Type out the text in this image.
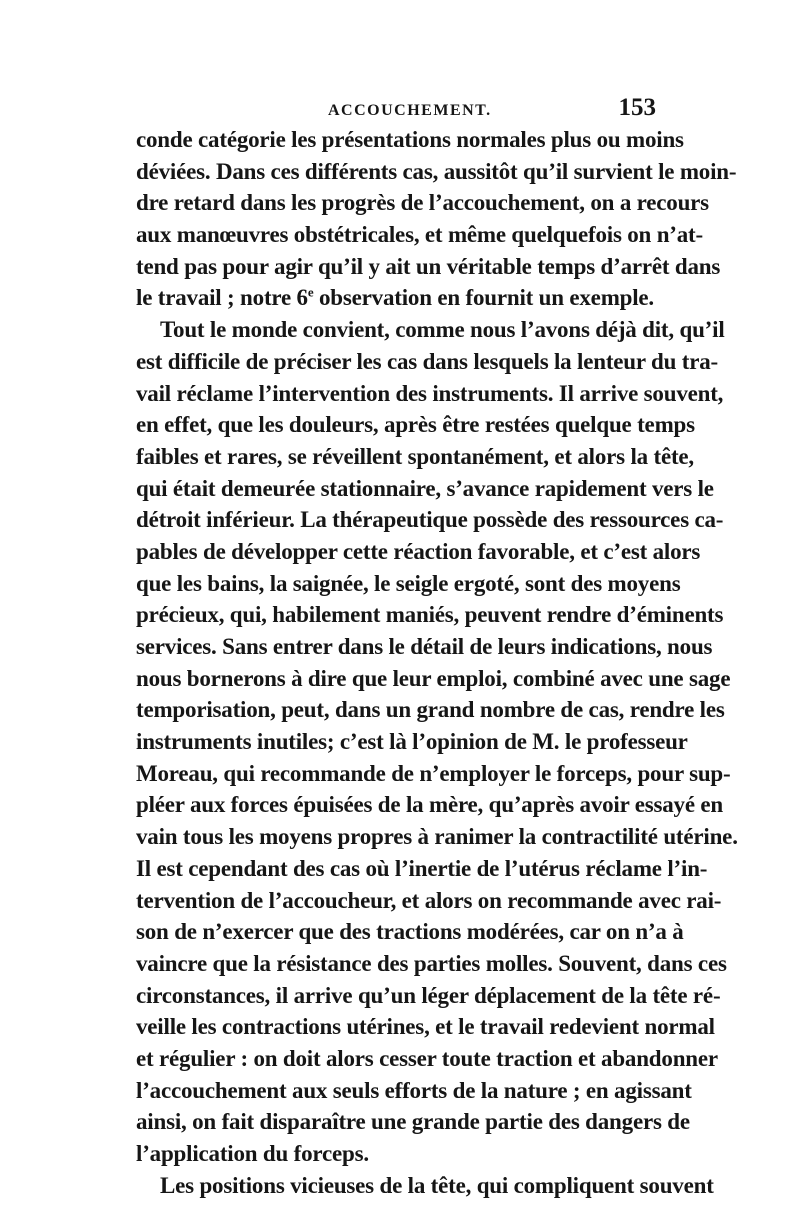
ACCOUCHEMENT.	153
conde catégorie les présentations normales plus ou moins
déviées. Dans ces différents cas, aussitôt qu’il survient le moin-
dre retard dans les progrès de l’accouchement, on a recours
aux manœuvres obstétricales, et même quelquefois on n’at-
tend pas pour agir qu’il y ait un véritable temps d’arrêt dans
le travail ; notre 6e observation en fournit un exemple.
Tout le monde convient, comme nous l’avons déjà dit, qu’il
est difficile de préciser les cas dans lesquels la lenteur du tra-
vail réclame l’intervention des instruments. Il arrive souvent,
en effet, que les douleurs, après être restées quelque temps
faibles et rares, se réveillent spontanément, et alors la tête,
qui était demeurée stationnaire, s’avance rapidement vers le
détroit inférieur. La thérapeutique possède des ressources ca-
pables de développer cette réaction favorable, et c’est alors
que les bains, la saignée, le seigle ergoté, sont des moyens
précieux, qui, habilement maniés, peuvent rendre d’éminents
services. Sans entrer dans le détail de leurs indications, nous
nous bornerons à dire que leur emploi, combiné avec une sage
temporisation, peut, dans un grand nombre de cas, rendre les
instruments inutiles; c’est là l’opinion de M. le professeur
Moreau, qui recommande de n’employer le forceps, pour sup-
pléer aux forces épuisées de la mère, qu’après avoir essayé en
vain tous les moyens propres à ranimer la contractilité utérine.
Il est cependant des cas où l’inertie de l’utérus réclame l’in-
tervention de l’accoucheur, et alors on recommande avec rai-
son de n’exercer que des tractions modérées, car on n’a à
vaincre que la résistance des parties molles. Souvent, dans ces
circonstances, il arrive qu’un léger déplacement de la tête ré-
veille les contractions utérines, et le travail redevient normal
et régulier : on doit alors cesser toute traction et abandonner
l’accouchement aux seuls efforts de la nature ; en agissant
ainsi, on fait disparaître une grande partie des dangers de
l’application du forceps.
Les positions vicieuses de la tête, qui compliquent souvent
